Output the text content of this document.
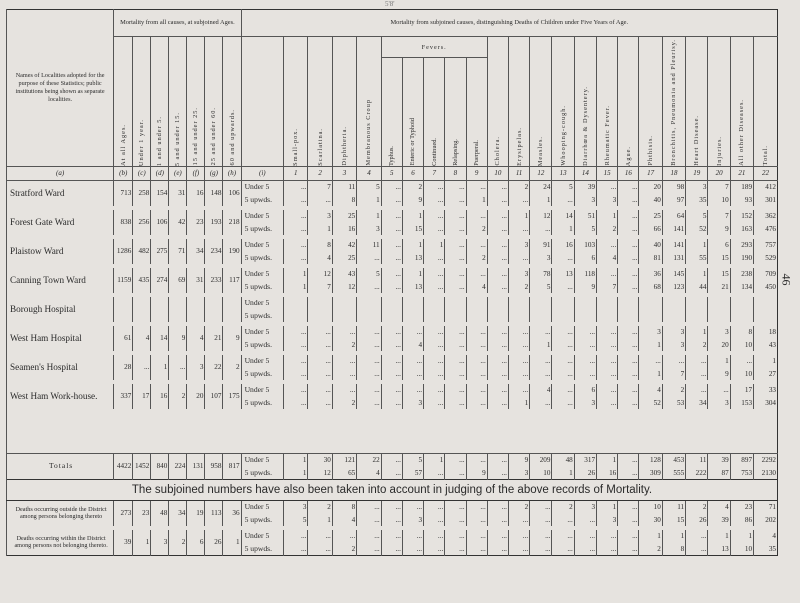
5'8'
46
Names of Localities adopted for the purpose of these Statistics; public institutions being shown as separate localities.	Mortality from all causes, at subjoined Ages.							Mortality from subjoined causes, distinguishing Deaths of Children under Five Years of Age.																						

	At all Ages.	Under 1 year.	1 and under 5.	5 and under 15.	15 and under 25.	25 and under 60.	60 and upwards.		Small-pox.	Scarlatina.	Diphtheria.	Membranous Croup	Fevers.					Cholera.	Erysipelas.	Measles.	Whooping-cough.	Diarrhœa & Dysentery.	Rheumatic Fever.	Ague.	Phthisis.	Bronchitis, Pneumonia and Pleurisy.	Heart Disease.	Injuries.	All other Diseases.	Total.

													Typhus.	Enteric or Typhoid	Continued.	Relapsing.	Puerperal.													

(a)	(b)	(c)	(d)	(e)	(f)	(g)	(h)	(i)	1	2	3	4	5	6	7	8	9	10	11	12	13	14	15	16	17	18	19	20	21	22
Stratford Ward	713	258	154	31	16	148	106	Under 5	...	7	11	5	...	2	...	...	...	...	2	24	5	39	...	...	20	98	3	7	189	412
								5 upwds.	...	...	8	1	...	9	...	...	1	...	...	1	...	3	3	...	40	97	35	10	93	301

Forest Gate Ward	838	256	106	42	23	193	218	Under 5	...	3	25	1	...	1	...	...	...	...	1	12	14	51	1	...	25	64	5	7	152	362
								5 upwds.	...	1	16	3	...	15	...	...	2	...	...	...	1	5	2	...	66	141	52	9	163	476

Plaistow Ward	1286	482	275	71	34	234	190	Under 5	...	8	42	11	...	1	1	...	...	...	3	91	16	103	...	...	40	141	1	6	293	757
								5 upwds.	...	4	25	...	...	13	...	...	2	...	...	3	...	6	4	...	81	131	55	15	190	529

Canning Town Ward	1159	435	274	69	31	233	117	Under 5	1	12	43	5	...	1	...	...	...	...	3	78	13	118	...	...	36	145	1	15	238	709
								5 upwds.	1	7	12	...	...	13	...	...	4	...	2	5	...	9	7	...	68	123	44	21	134	450

Borough Hospital								Under 5																						
								5 upwds.																						

West Ham Hospital	61	4	14	9	4	21	9	Under 5	...	...	...	...	...	...	...	...	...	...	...	...	...	...	...	...	3	3	1	3	8	18
								5 upwds.	...	...	2	...	...	4	...	...	...	...	...	1	...	...	...	...	1	3	2	20	10	43

Seamen's Hospital	28	...	1	...	3	22	2	Under 5	...	...	...	...	...	...	...	...	...	...	...	...	...	...	...	...	...	...	...	1	...	1
								5 upwds.	...	...	...	...	...	...	...	...	...	...	...	...	...	...	...	...	1	7	...	9	10	27

West Ham Work-house.	337	17	16	2	20	107	175	Under 5	...	...	...	...	...	...	...	...	...	...	...	4	...	6	...	...	4	2	...	...	17	33
								5 upwds.	...	...	2	...	...	3	...	...	...	...	1	...	...	3	...	...	52	53	34	3	153	304

Totals	4422	1452	840	224	131	958	817	Under 5	1	30	121	22	...	5	1	...	...	...	9	209	48	317	1	...	128	453	11	39	897	2292
								5 upwds.	1	12	65	4	...	57	...	...	9	...	3	10	1	26	16	...	309	555	222	87	753	2130
The subjoined numbers have also been taken into account in judging of the above records of Mortality.																														
Deaths occurring outside the District among persons belonging thereto	273	23	48	34	19	113	36	Under 5	3	2	8	...	...	...	...	...	...	...	2	...	2	3	1	...	10	11	2	4	23	71
								5 upwds.	5	1	4	...	...	3	...	...	...	...	...	...	...	...	3	...	30	15	26	39	86	202

Deaths occurring within the District among persons not belonging thereto.	39	1	3	2	6	26	1	Under 5	...	...	...	...	...	...	...	...	...	...	...	...	...	...	...	...	1	1	...	1	1	4
								5 upwds.	...	...	2	...	...	...	...	...	...	...	...	...	...	...	...	...	2	8	...	13	10	35
